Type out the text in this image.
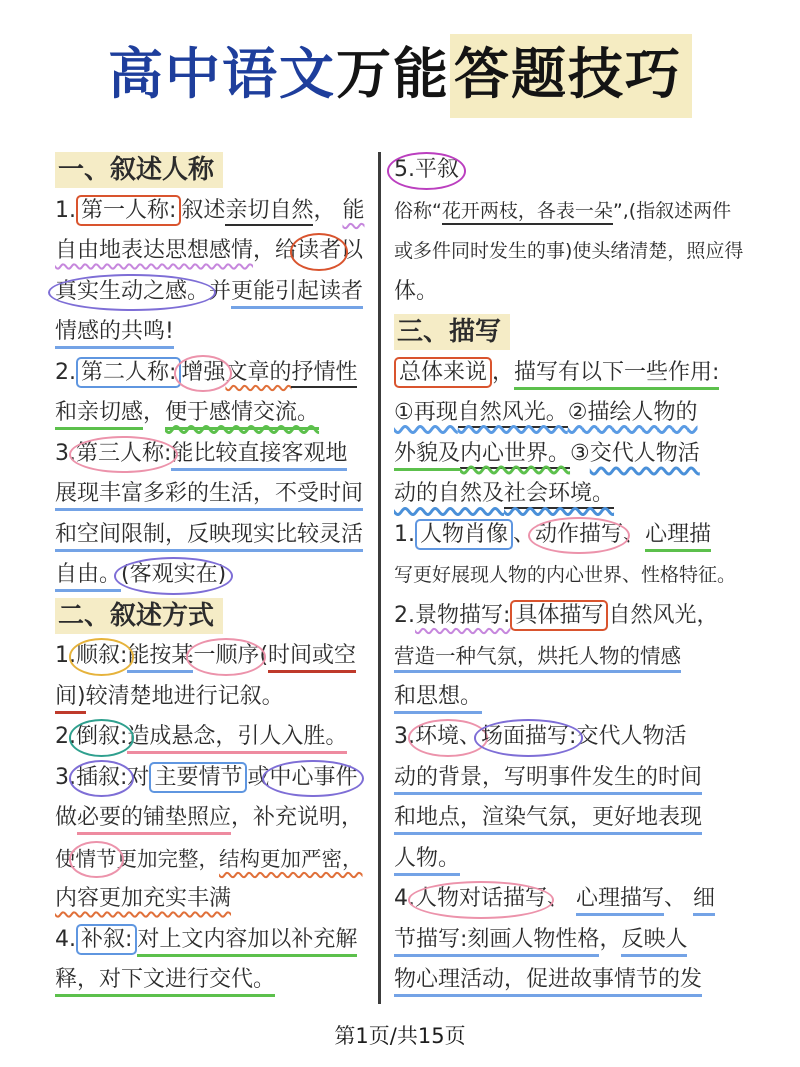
高中语文万能答题技巧
一、叙述人称
1. 第一人称: 叙述亲切自然， 能
自由地表达思想感情，给读者以
真实生动之感。并更能引起读者
情感的共鸣!
2. 第二人称: 增强文章的抒情性
和亲切感，便于感情交流。
3.第三人称:能比较直接客观地
展现丰富多彩的生活，不受时间
和空间限制，反映现实比较灵活
自由。(客观实在)
二、叙述方式
1.顺叙:能按某一顺序(时间或空
间)较清楚地进行记叙。
2.倒叙:造成悬念，引人入胜。
3.插叙:对 主要情节 或中心事件
做必要的铺垫照应，补充说明，
使情节更加完整，结构更加严密，
内容更加充实丰满
4. 补叙: 对上文内容加以补充解
释，对下文进行交代。
5.平叙
俗称“花开两枝，各表一朵”,(指叙述两件
或多件同时发生的事)使头绪清楚，照应得
体。
三、描写
总体来说 ，描写有以下一些作用:
①再现自然风光。②描绘人物的
外貌及内心世界。③交代人物活
动的自然及社会环境。
1. 人物肖像 、动作描写、心理描
写更好展现人物的内心世界、性格特征。
2.景物描写: 具体描写 自然风光，
营造一种气氛，烘托人物的情感
和思想。
3.环境、场面描写:交代人物活
动的背景，写明事件发生的时间
和地点，渲染气氛，更好地表现
人物。
4.人物对话描写、 心理描写、 细
节描写:刻画人物性格，反映人
物心理活动，促进故事情节的发
第1页/共15页
